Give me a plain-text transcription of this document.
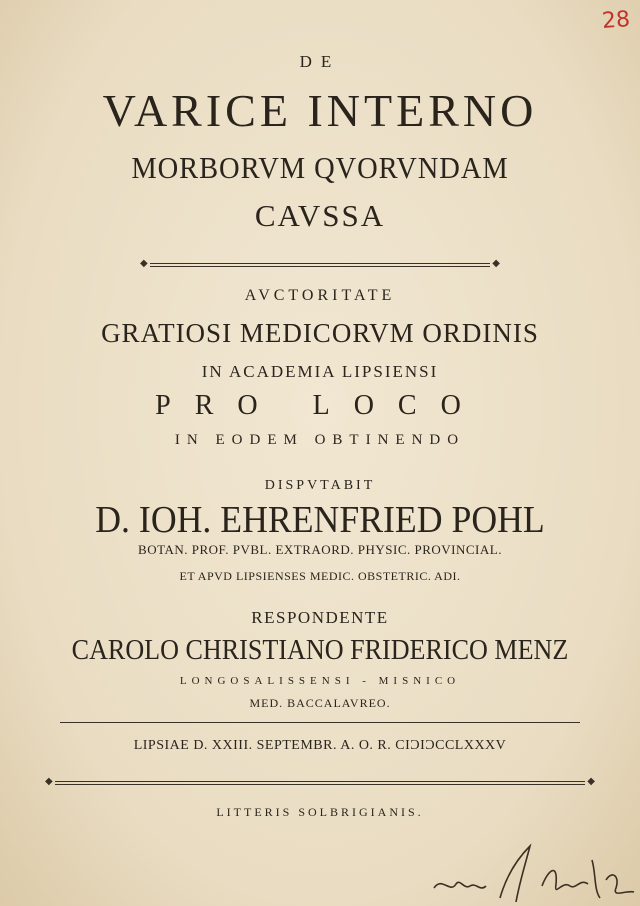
28

DE

VARICE INTERNO

MORBORVM QVORVNDAM

CAVSSA

◆	◆

AVCTORITATE

GRATIOSI MEDICORVM ORDINIS

IN ACADEMIA LIPSIENSI

PRO LOCO

IN EODEM OBTINENDO

DISPVTABIT

D. IOH. EHRENFRIED POHL

BOTAN. PROF. PVBL. EXTRAORD. PHYSIC. PROVINCIAL.

ET APVD LIPSIENSES MEDIC. OBSTETRIC. ADI.

RESPONDENTE

CAROLO CHRISTIANO FRIDERICO MENZ

LONGOSALISSENSI - MISNICO

MED. BACCALAVREO.

LIPSIAE D. XXIII. SEPTEMBR. A. O. R. CIϽIϽCCLXXXV

◆	◆

LITTERIS SOLBRIGIANIS.
